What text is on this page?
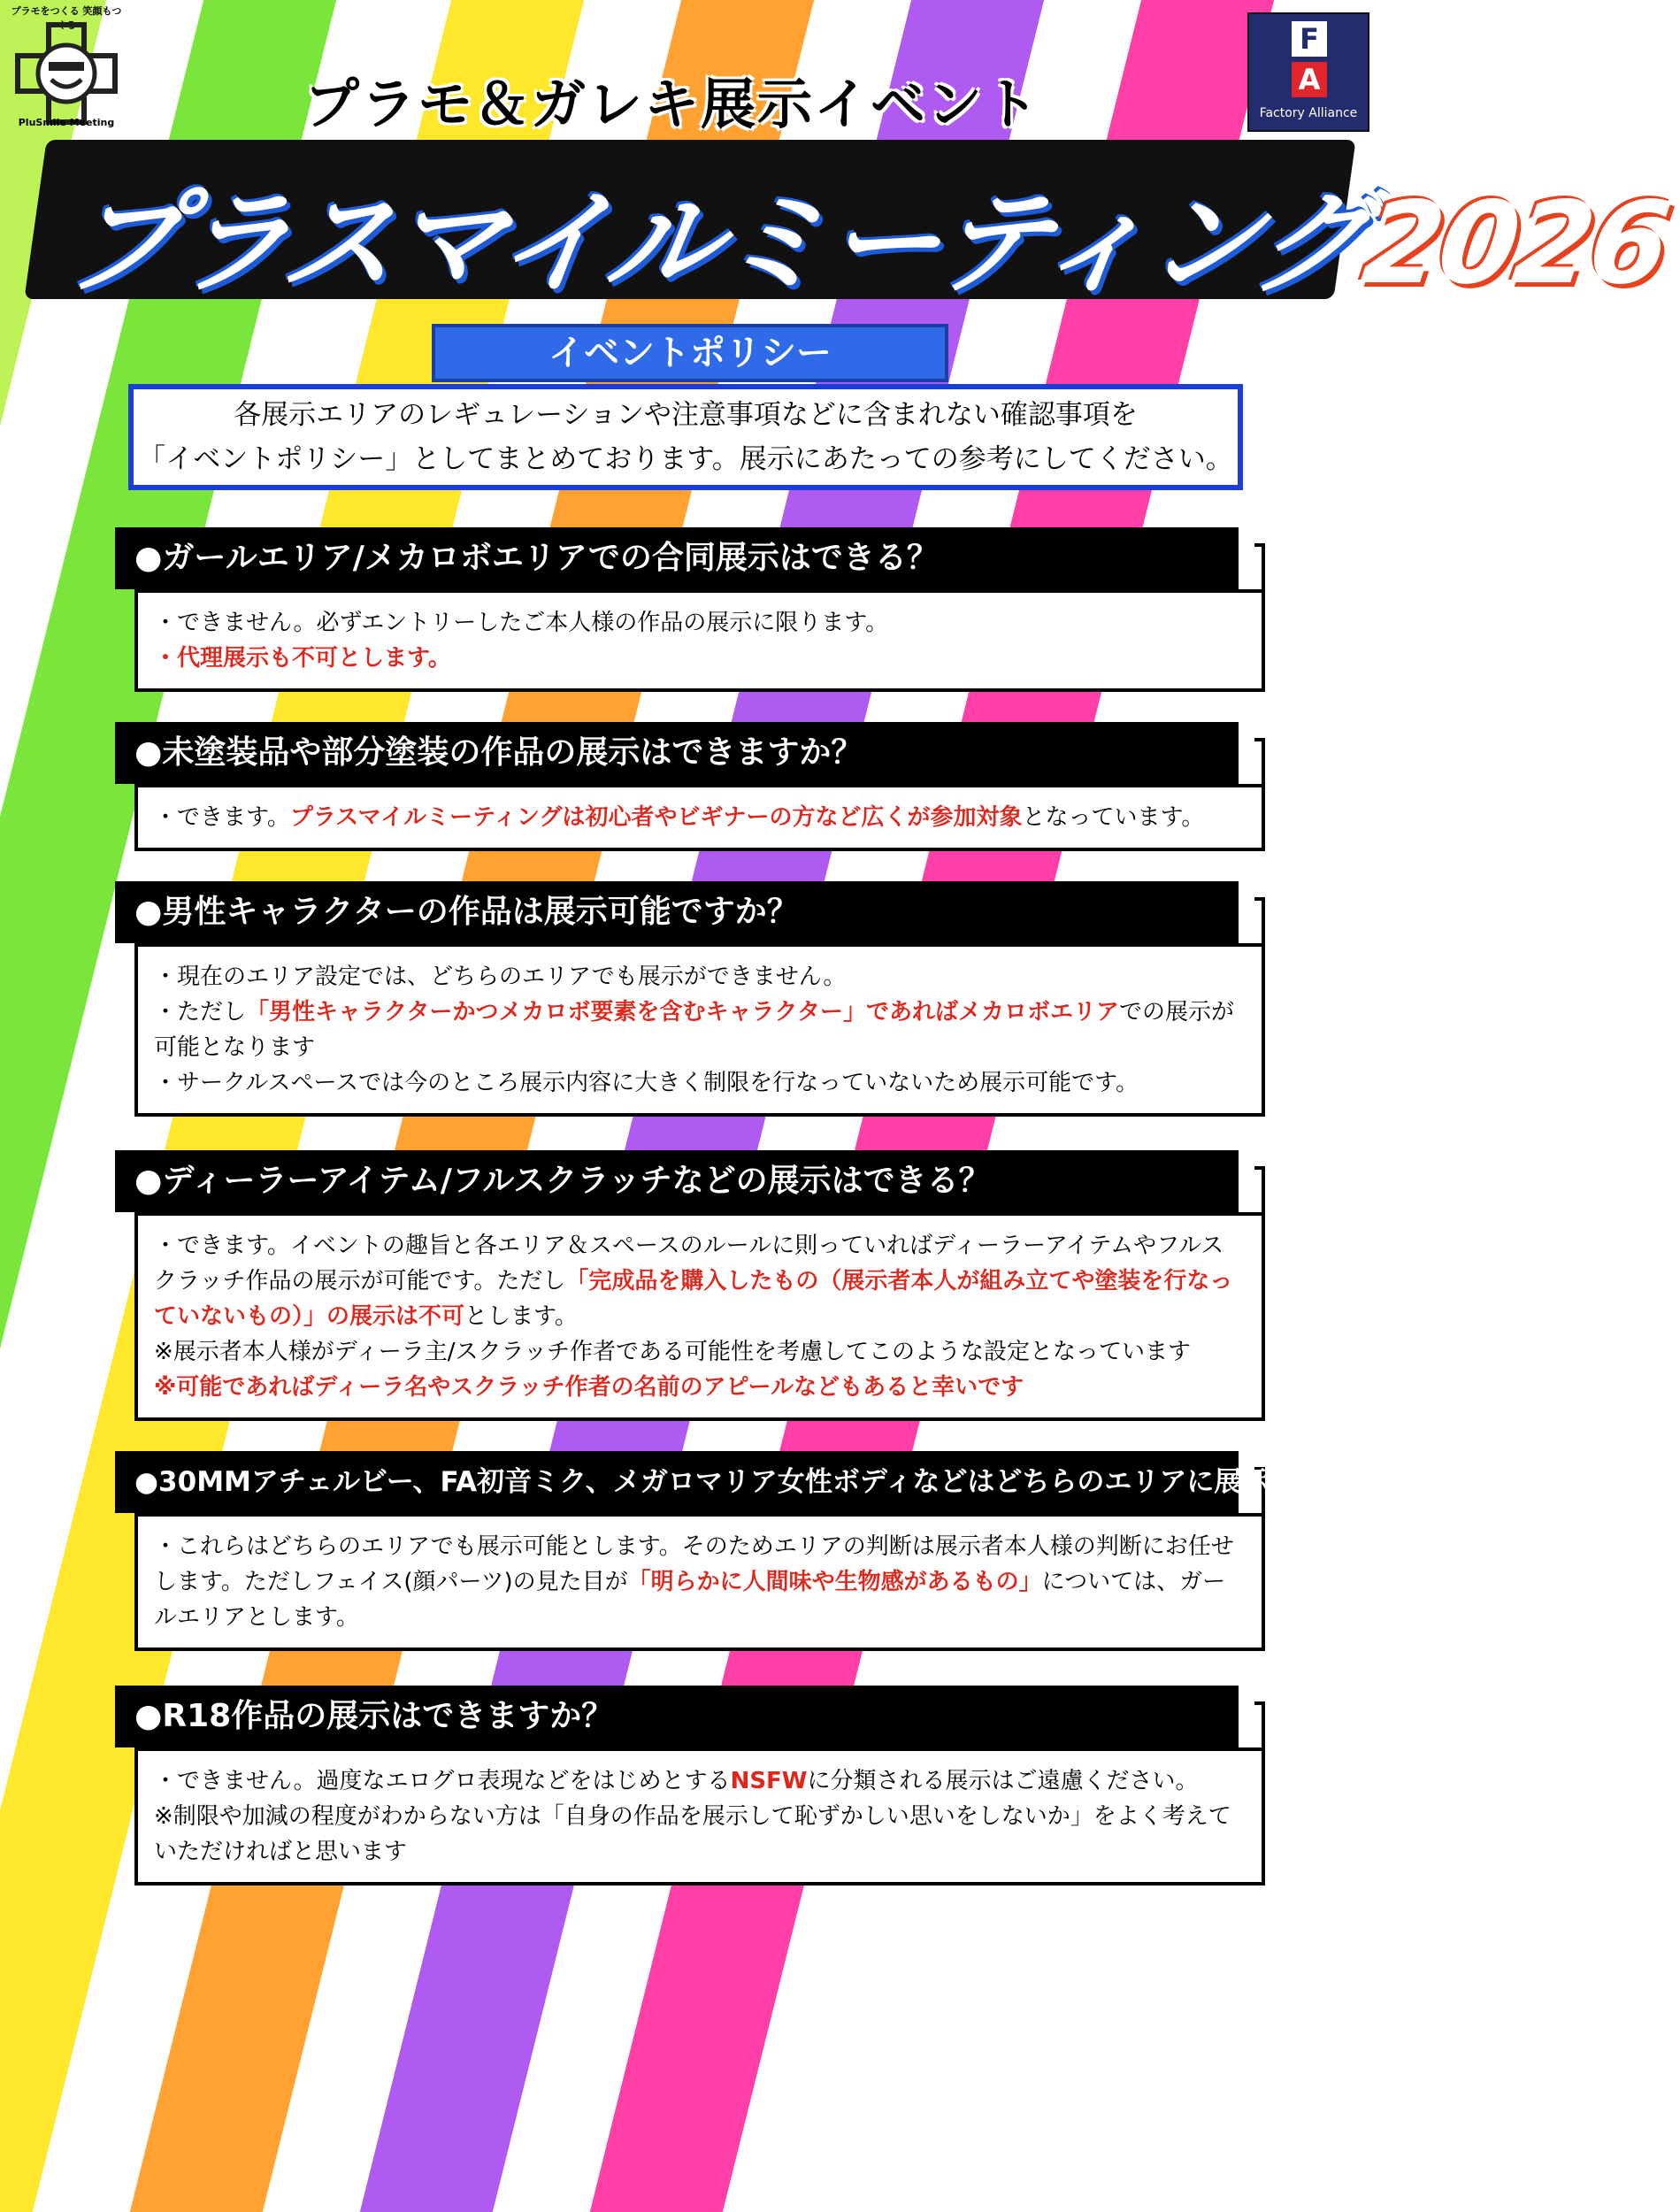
プラモをつくる 笑顔もつくる
PluSmile Meeting
F
A
Factory Alliance
プラモ＆ガレキ展示イベント
プラスマイルミーティング2026
イベントポリシー
各展示エリアのレギュレーションや注意事項などに含まれない確認事項を
「イベントポリシー」としてまとめております。展示にあたっての参考にしてください。
●ガールエリア/メカロボエリアでの合同展示はできる？
・できません。必ずエントリーしたご本人様の作品の展示に限ります。
・代理展示も不可とします。
●未塗装品や部分塗装の作品の展示はできますか？
・できます。プラスマイルミーティングは初心者やビギナーの方など広くが参加対象となっています。
●男性キャラクターの作品は展示可能ですか？
・現在のエリア設定では、どちらのエリアでも展示ができません。
・ただし「男性キャラクターかつメカロボ要素を含むキャラクター」であればメカロボエリアでの展示が可能となります
・サークルスペースでは今のところ展示内容に大きく制限を行なっていないため展示可能です。
●ディーラーアイテム/フルスクラッチなどの展示はできる？
・できます。イベントの趣旨と各エリア＆スペースのルールに則っていればディーラーアイテムやフルスクラッチ作品の展示が可能です。ただし「完成品を購入したもの（展示者本人が組み立てや塗装を行なっていないもの）」の展示は不可とします。
※展示者本人様がディーラ主/スクラッチ作者である可能性を考慮してこのような設定となっています
※可能であればディーラ名やスクラッチ作者の名前のアピールなどもあると幸いです
●30MMアチェルビー、FA初音ミク、メガロマリア女性ボディなどはどちらのエリアに展示できますか？
・これらはどちらのエリアでも展示可能とします。そのためエリアの判断は展示者本人様の判断にお任せします。ただしフェイス(顔パーツ)の見た目が「明らかに人間味や生物感があるもの」については、ガールエリアとします。
●R18作品の展示はできますか？
・できません。過度なエログロ表現などをはじめとするNSFWに分類される展示はご遠慮ください。
※制限や加減の程度がわからない方は「自身の作品を展示して恥ずかしい思いをしないか」をよく考えていただければと思います
